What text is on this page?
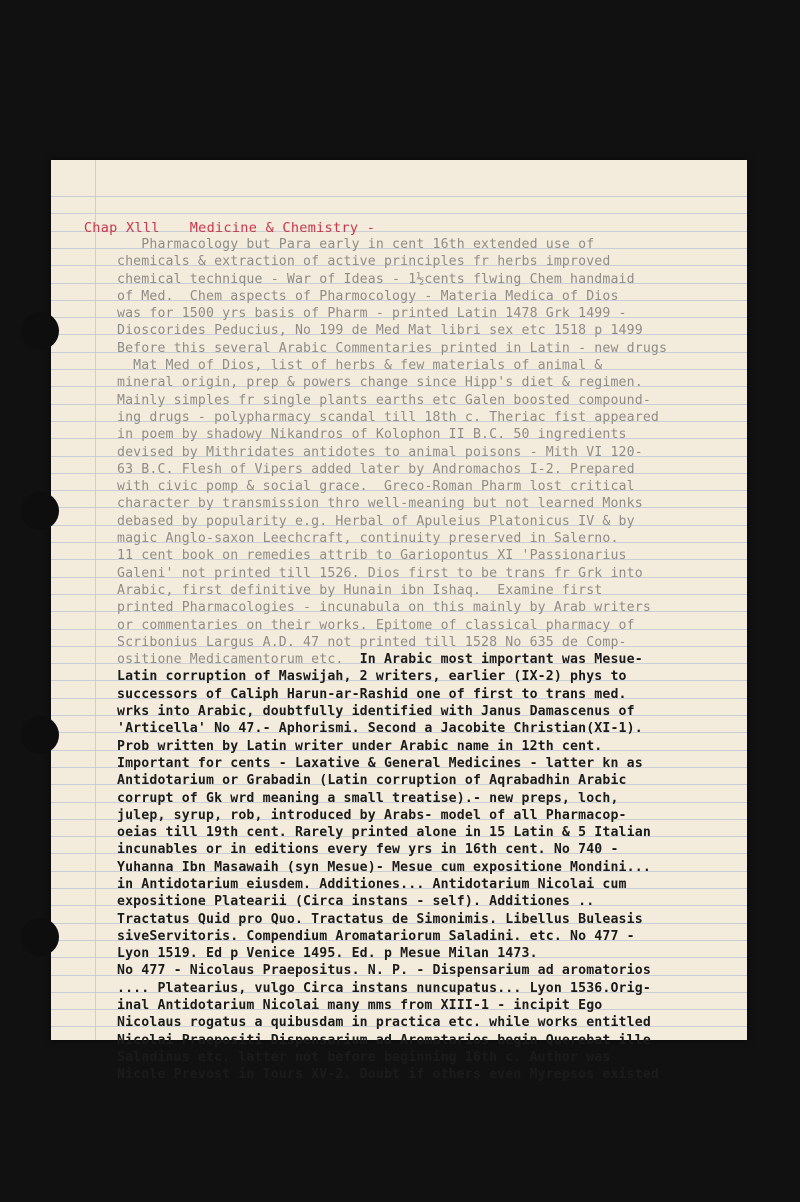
Chap Xlll Medicine & Chemistry -

Pharmacology but Para early in cent 16th extended use of
chemicals & extraction of active principles fr herbs improved
chemical technique - War of Ideas - 1½cents flwing Chem handmaid
of Med.  Chem aspects of Pharmocology - Materia Medica of Dios
was for 1500 yrs basis of Pharm - printed Latin 1478 Grk 1499 -
Dioscorides Peducius, No 199 de Med Mat libri sex etc 1518 p 1499
Before this several Arabic Commentaries printed in Latin - new drugs
Mat Med of Dios, list of herbs & few materials of animal &
mineral origin, prep & powers change since Hipp's diet & regimen.
Mainly simples fr single plants earths etc Galen boosted compound-
ing drugs - polypharmacy scandal till 18th c. Theriac fist appeared
in poem by shadowy Nikandros of Kolophon II B.C. 50 ingredients
devised by Mithridates antidotes to animal poisons - Mith VI 120-
63 B.C. Flesh of Vipers added later by Andromachos I-2. Prepared
with civic pomp & social grace.  Greco-Roman Pharm lost critical
character by transmission thro well-meaning but not learned Monks
debased by popularity e.g. Herbal of Apuleius Platonicus IV & by
magic Anglo-saxon Leechcraft, continuity preserved in Salerno.
11 cent book on remedies attrib to Gariopontus XI 'Passionarius
Galeni' not printed till 1526. Dios first to be trans fr Grk into
Arabic, first definitive by Hunain ibn Ishaq.  Examine first
printed Pharmacologies - incunabula on this mainly by Arab writers
or commentaries on their works. Epitome of classical pharmacy of
Scribonius Largus A.D. 47 not printed till 1528 No 635 de Comp-
ositione Medicamentorum etc.  In Arabic most important was Mesue-
Latin corruption of Maswijah, 2 writers, earlier (IX-2) phys to
successors of Caliph Harun-ar-Rashid one of first to trans med.
wrks into Arabic, doubtfully identified with Janus Damascenus of
'Articella' No 47.- Aphorismi. Second a Jacobite Christian(XI-1).
Prob written by Latin writer under Arabic name in 12th cent.
Important for cents - Laxative & General Medicines - latter kn as
Antidotarium or Grabadin (Latin corruption of Aqrabadhin Arabic
corrupt of Gk wrd meaning a small treatise).- new preps, loch,
julep, syrup, rob, introduced by Arabs- model of all Pharmacop-
oeias till 19th cent. Rarely printed alone in 15 Latin & 5 Italian
incunables or in editions every few yrs in 16th cent. No 740 -
Yuhanna Ibn Masawaih (syn Mesue)- Mesue cum expositione Mondini...
in Antidotarium eiusdem. Additiones... Antidotarium Nicolai cum
expositione Platearii (Circa instans - self). Additiones ..
Tractatus Quid pro Quo. Tractatus de Simonimis. Libellus Buleasis
siveServitoris. Compendium Aromatariorum Saladini. etc. No 477 -
Lyon 1519. Ed p Venice 1495. Ed. p Mesue Milan 1473.
No 477 - Nicolaus Praepositus. N. P. - Dispensarium ad aromatorios
.... Platearius, vulgo Circa instans nuncupatus... Lyon 1536.Orig-
inal Antidotarium Nicolai many mms from XIII-1 - incipit Ego
Nicolaus rogatus a quibusdam in practica etc. while works entitled
Nicolai Praepositi Dispensarium ad Aromatarios begin Querebat ille
Saladinus etc. latter not before beginning 16th c. Author was
Nicole Prevost in Tours XV-2. Doubt if others even Myrepsos existed
